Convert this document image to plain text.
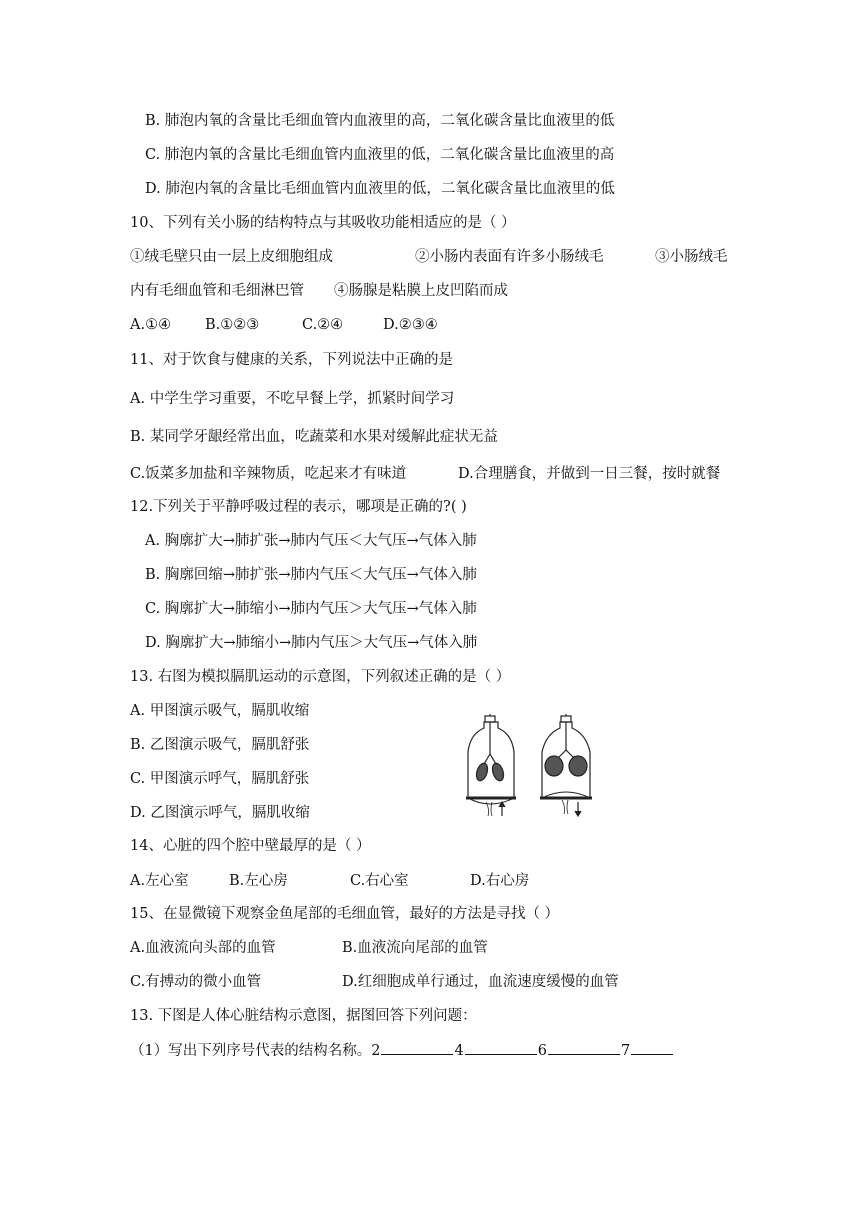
B. 肺泡内氧的含量比毛细血管内血液里的高，二氧化碳含量比血液里的低
C. 肺泡内氧的含量比毛细血管内血液里的低，二氧化碳含量比血液里的高
D. 肺泡内氧的含量比毛细血管内血液里的低，二氧化碳含量比血液里的低
10、下列有关小肠的结构特点与其吸收功能相适应的是（ ）
①绒毛壁只由一层上皮细胞组成	②小肠内表面有许多小肠绒毛	③小肠绒毛
内有毛细血管和毛细淋巴管 ④肠腺是粘膜上皮凹陷而成
A.①④ B.①②③	C.②④	D.②③④
11、对于饮食与健康的关系，下列说法中正确的是
A. 中学生学习重要，不吃早餐上学，抓紧时间学习
B. 某同学牙龈经常出血，吃蔬菜和水果对缓解此症状无益
C.饭菜多加盐和辛辣物质，吃起来才有味道	D.合理膳食，并做到一日三餐，按时就餐
12.下列关于平静呼吸过程的表示，哪项是正确的?( )
A. 胸廓扩大→肺扩张→肺内气压＜大气压→气体入肺
B. 胸廓回缩→肺扩张→肺内气压＜大气压→气体入肺
C. 胸廓扩大→肺缩小→肺内气压＞大气压→气体入肺
D. 胸廓扩大→肺缩小→肺内气压＞大气压→气体入肺
13. 右图为模拟膈肌运动的示意图，下列叙述正确的是（ ）
A. 甲图演示吸气，膈肌收缩
B. 乙图演示吸气，膈肌舒张
C. 甲图演示呼气，膈肌舒张
D. 乙图演示呼气，膈肌收缩
14、心脏的四个腔中壁最厚的是（ ）
A.左心室	B.左心房	C.右心室	D.右心房
15、在显微镜下观察金鱼尾部的毛细血管，最好的方法是寻找（ ）
A.血液流向头部的血管	B.血液流向尾部的血管
C.有搏动的微小血管	D.红细胞成单行通过，血流速度缓慢的血管
13. 下图是人体心脏结构示意图，据图回答下列问题：
（1）写出下列序号代表的结构名称。2	4	6	7
